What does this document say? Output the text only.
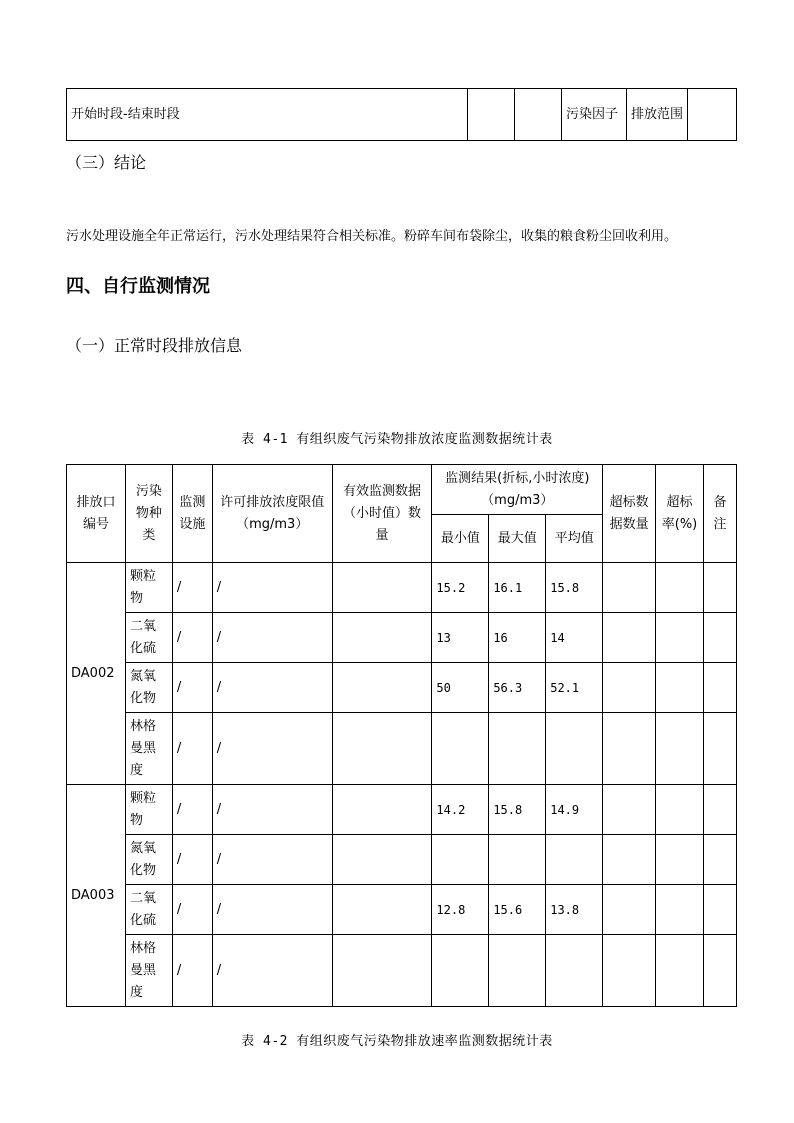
开始时段-结束时段			污染因子	排放范围	
（三）结论
污水处理设施全年正常运行，污水处理结果符合相关标准。粉碎车间布袋除尘，收集的粮食粉尘回收利用。
四、自行监测情况
（一）正常时段排放信息
表 4-1 有组织废气污染物排放浓度监测数据统计表
排放口编号	污染物种类	监测设施	许可排放浓度限值（mg/m3）	有效监测数据（小时值）数量	监测结果(折标,小时浓度)（mg/m3）			超标数据数量	超标率(%)	备注
					最小值	最大值	平均值			
DA002	颗粒物	/	/		15.2	16.1	15.8			
	二氧化硫	/	/		13	16	14			
	氮氧化物	/	/		50	56.3	52.1			
	林格曼黑度	/	/							
DA003	颗粒物	/	/		14.2	15.8	14.9			
	氮氧化物	/	/							
	二氧化硫	/	/		12.8	15.6	13.8			
	林格曼黑度	/	/							
表 4-2 有组织废气污染物排放速率监测数据统计表
